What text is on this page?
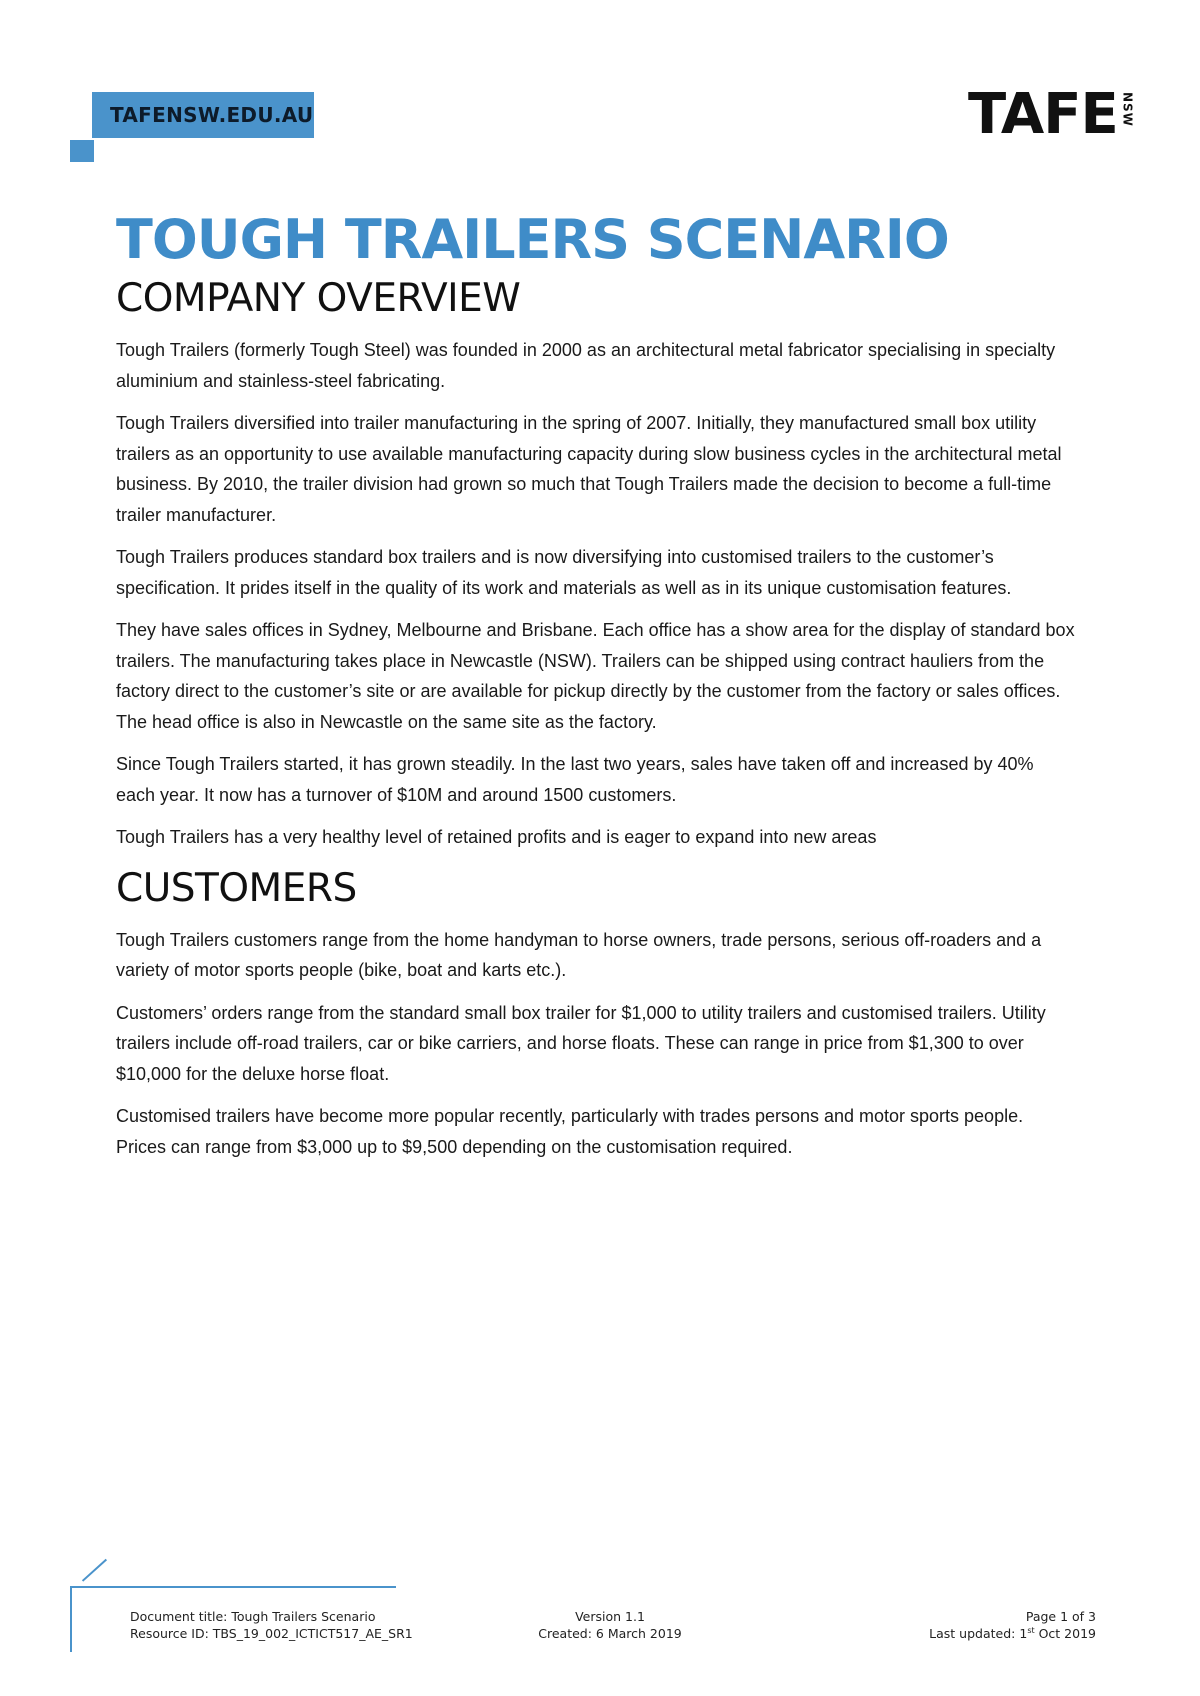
TAFENSW.EDU.AU	TAFE NSW
TOUGH TRAILERS SCENARIO
COMPANY OVERVIEW

Tough Trailers (formerly Tough Steel) was founded in 2000 as an architectural metal fabricator specialising in specialty aluminium and stainless-steel fabricating.

Tough Trailers diversified into trailer manufacturing in the spring of 2007. Initially, they manufactured small box utility trailers as an opportunity to use available manufacturing capacity during slow business cycles in the architectural metal business. By 2010, the trailer division had grown so much that Tough Trailers made the decision to become a full-time trailer manufacturer.

Tough Trailers produces standard box trailers and is now diversifying into customised trailers to the customer’s specification. It prides itself in the quality of its work and materials as well as in its unique customisation features.

They have sales offices in Sydney, Melbourne and Brisbane. Each office has a show area for the display of standard box trailers. The manufacturing takes place in Newcastle (NSW). Trailers can be shipped using contract hauliers from the factory direct to the customer’s site or are available for pickup directly by the customer from the factory or sales offices. The head office is also in Newcastle on the same site as the factory.

Since Tough Trailers started, it has grown steadily. In the last two years, sales have taken off and increased by 40% each year. It now has a turnover of $10M and around 1500 customers.

Tough Trailers has a very healthy level of retained profits and is eager to expand into new areas

CUSTOMERS

Tough Trailers customers range from the home handyman to horse owners, trade persons, serious off-roaders and a variety of motor sports people (bike, boat and karts etc.).

Customers’ orders range from the standard small box trailer for $1,000 to utility trailers and customised trailers. Utility trailers include off-road trailers, car or bike carriers, and horse floats. These can range in price from $1,300 to over $10,000 for the deluxe horse float.

Customised trailers have become more popular recently, particularly with trades persons and motor sports people. Prices can range from $3,000 up to $9,500 depending on the customisation required.

Document title: Tough Trailers Scenario
Resource ID: TBS_19_002_ICTICT517_AE_SR1
Version 1.1
Created: 6 March 2019
Page 1 of 3
Last updated: 1st Oct 2019
